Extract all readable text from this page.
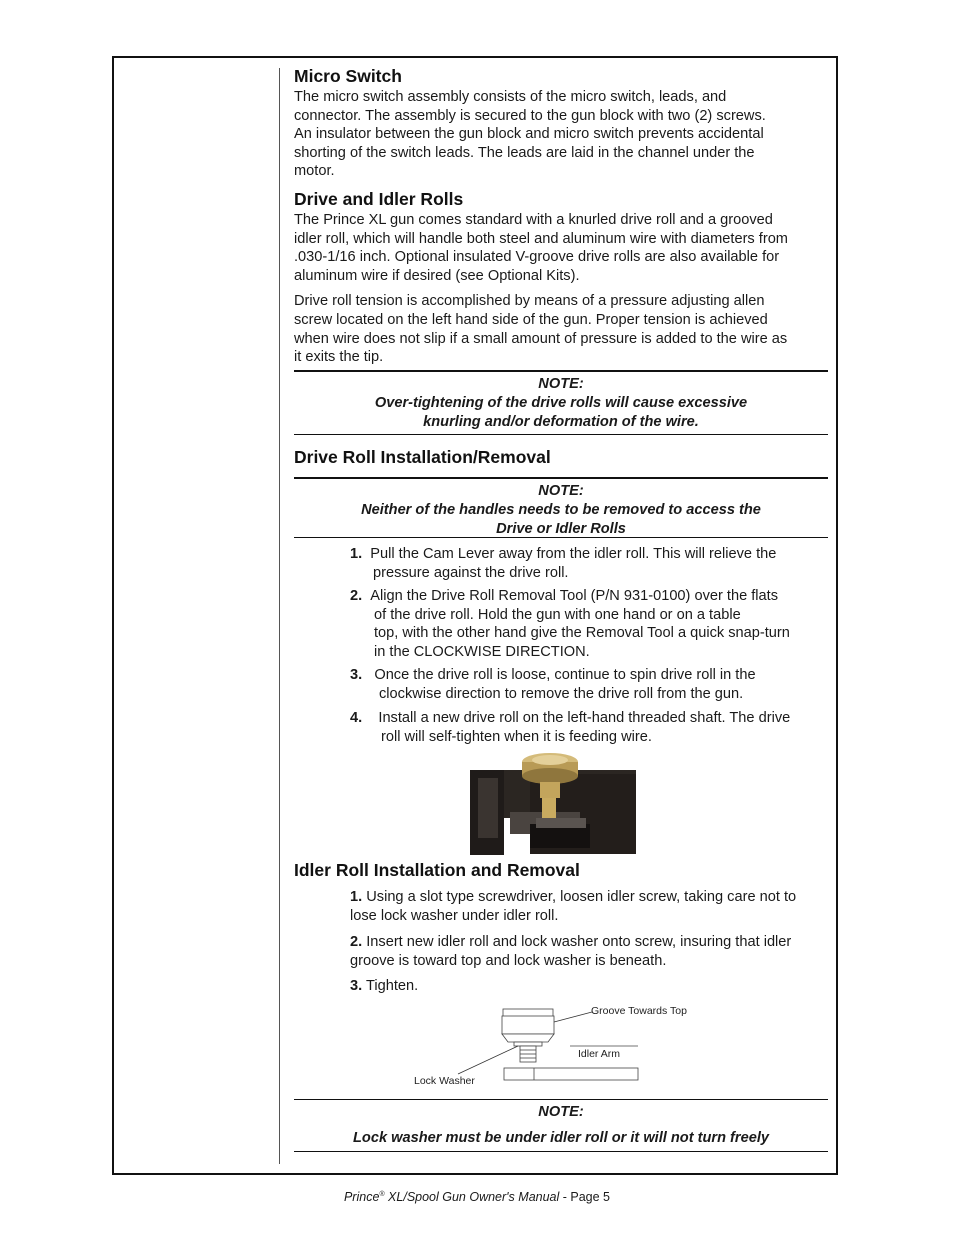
Micro Switch

The micro switch assembly consists of the micro switch, leads, and
connector. The assembly is secured to the gun block with two (2) screws.
An insulator between the gun block and micro switch prevents accidental
shorting of the switch leads. The leads are laid in the channel under the
motor.

Drive and Idler Rolls

The Prince XL gun comes standard with a knurled drive roll and a grooved
idler roll, which will handle both steel and aluminum wire with diameters from
.030-1/16 inch. Optional insulated V-groove drive rolls are also available for
aluminum wire if desired (see Optional Kits).

Drive roll tension is accomplished by means of a pressure adjusting allen
screw located on the left hand side of the gun. Proper tension is achieved
when wire does not slip if a small amount of pressure is added to the wire as
it exits the tip.

NOTE:
Over-tightening of the drive rolls will cause excessive
knurling and/or deformation of the wire.
Drive Roll Installation/Removal
NOTE:
Neither of the handles needs to be removed to access the
Drive or Idler Rolls
1. Pull the Cam Lever away from the idler roll. This will relieve the
pressure against the drive roll.
2. Align the Drive Roll Removal Tool (P/N 931-0100) over the flats
of the drive roll. Hold the gun with one hand or on a table
top, with the other hand give the Removal Tool a quick snap-turn
in the CLOCKWISE DIRECTION.
3. Once the drive roll is loose, continue to spin drive roll in the
clockwise direction to remove the drive roll from the gun.
4. Install a new drive roll on the left-hand threaded shaft. The drive
roll will self-tighten when it is feeding wire.
Idler Roll Installation and Removal
1. Using a slot type screwdriver, loosen idler screw, taking care not to
lose lock washer under idler roll.
2. Insert new idler roll and lock washer onto screw, insuring that idler
groove is toward top and lock washer is beneath.
3. Tighten.
Groove Towards Top
Idler Arm
Lock Washer
NOTE:
Lock washer must be under idler roll or it will not turn freely
Prince® XL/Spool Gun Owner's Manual - Page 5
